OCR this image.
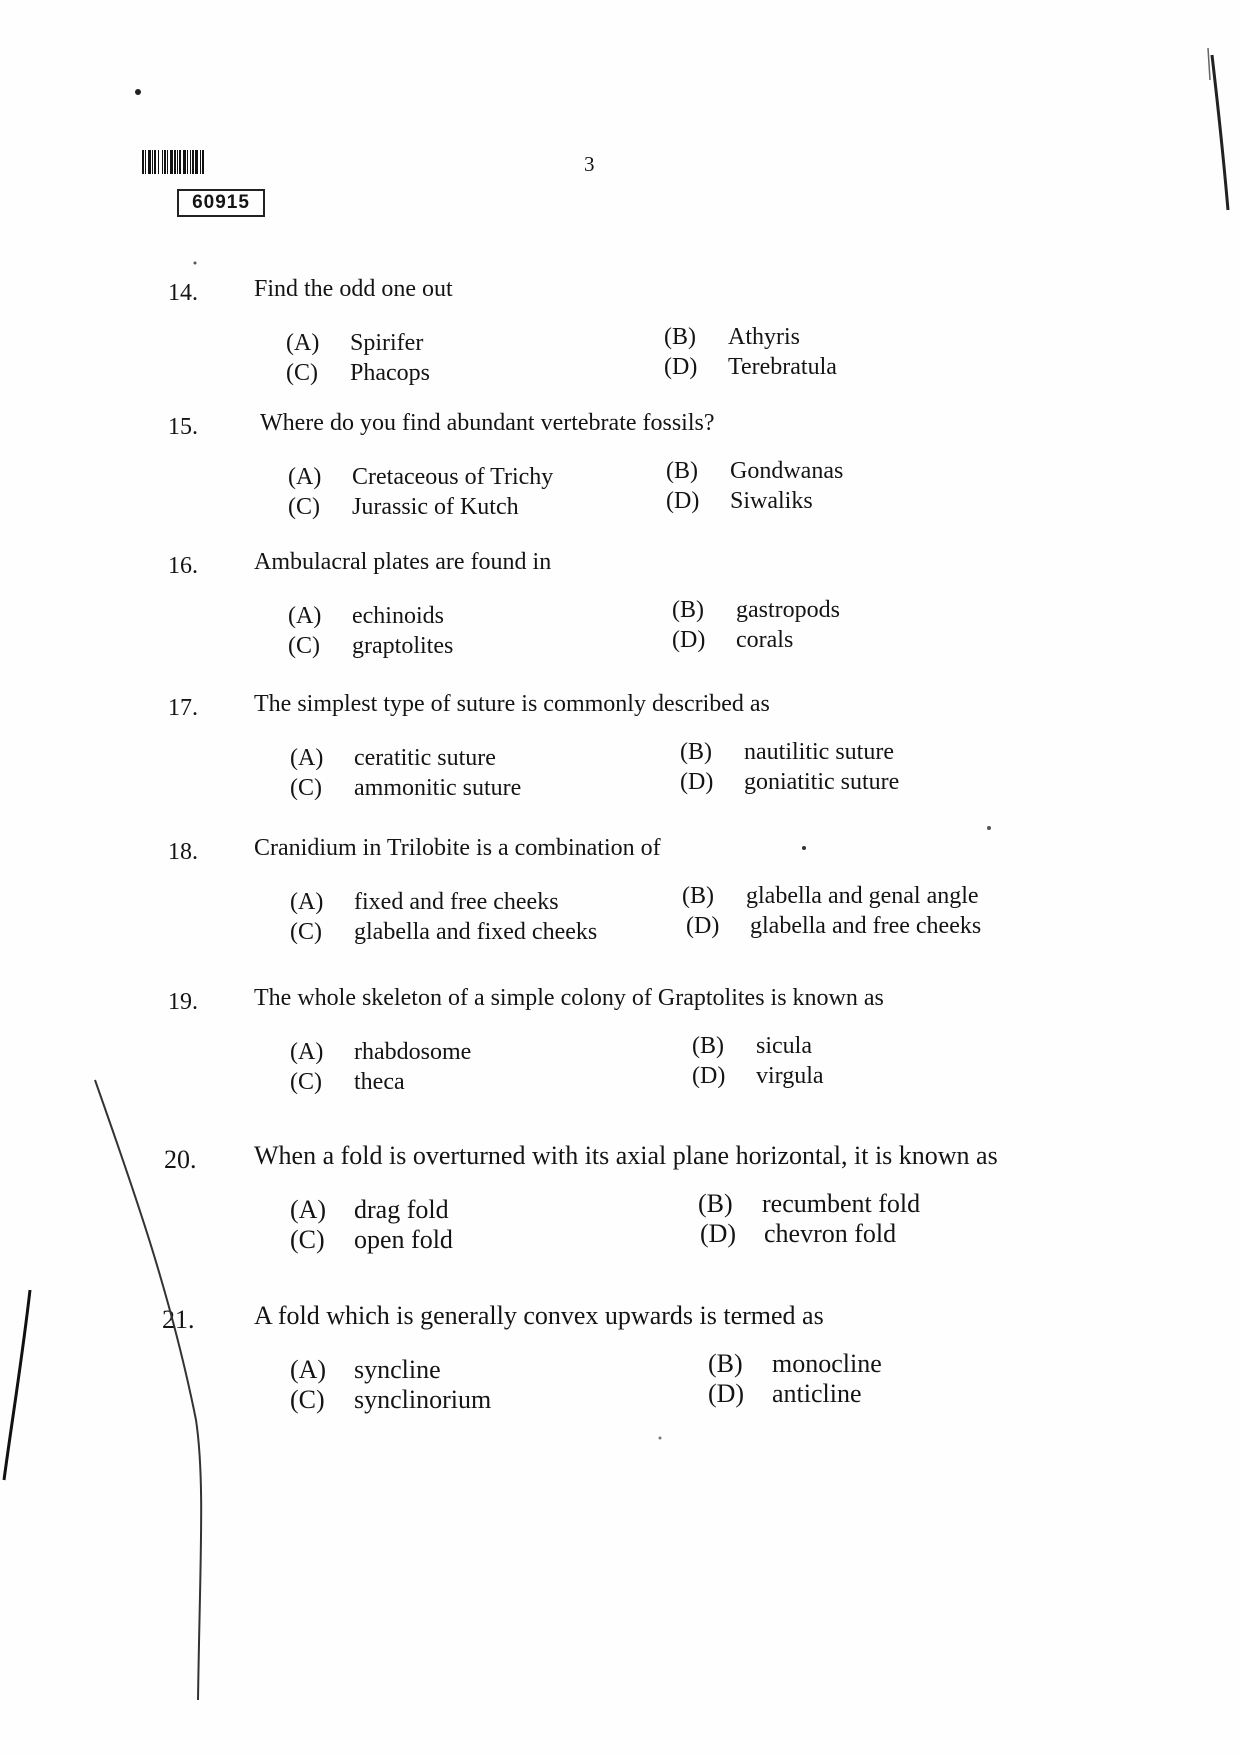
60915
3
14. Find the odd one out
(A) Spirifer	(B) Athyris
(C) Phacops	(D) Terebratula
15.	Where do you find abundant vertebrate fossils?
(A) Cretaceous of Trichy	(B) Gondwanas
(C) Jurassic of Kutch	(D) Siwaliks
16. Ambulacral plates are found in
(A) echinoids	(B) gastropods
(C) graptolites	(D) corals
17. The simplest type of suture is commonly described as
(A) ceratitic suture	(B) nautilitic suture
(C) ammonitic suture	(D) goniatitic suture
18. Cranidium in Trilobite is a combination of
(A) fixed and free cheeks	(B) glabella and genal angle
(C) glabella and fixed cheeks	(D) glabella and free cheeks
19. The whole skeleton of a simple colony of Graptolites is known as
(A) rhabdosome	(B) sicula
(C) theca	(D) virgula
20. When a fold is overturned with its axial plane horizontal, it is known as
(A) drag fold	(B) recumbent fold
(C) open fold	(D) chevron fold
21. A fold which is generally convex upwards is termed as
(A) syncline	(B) monocline
(C) synclinorium	(D) anticline
